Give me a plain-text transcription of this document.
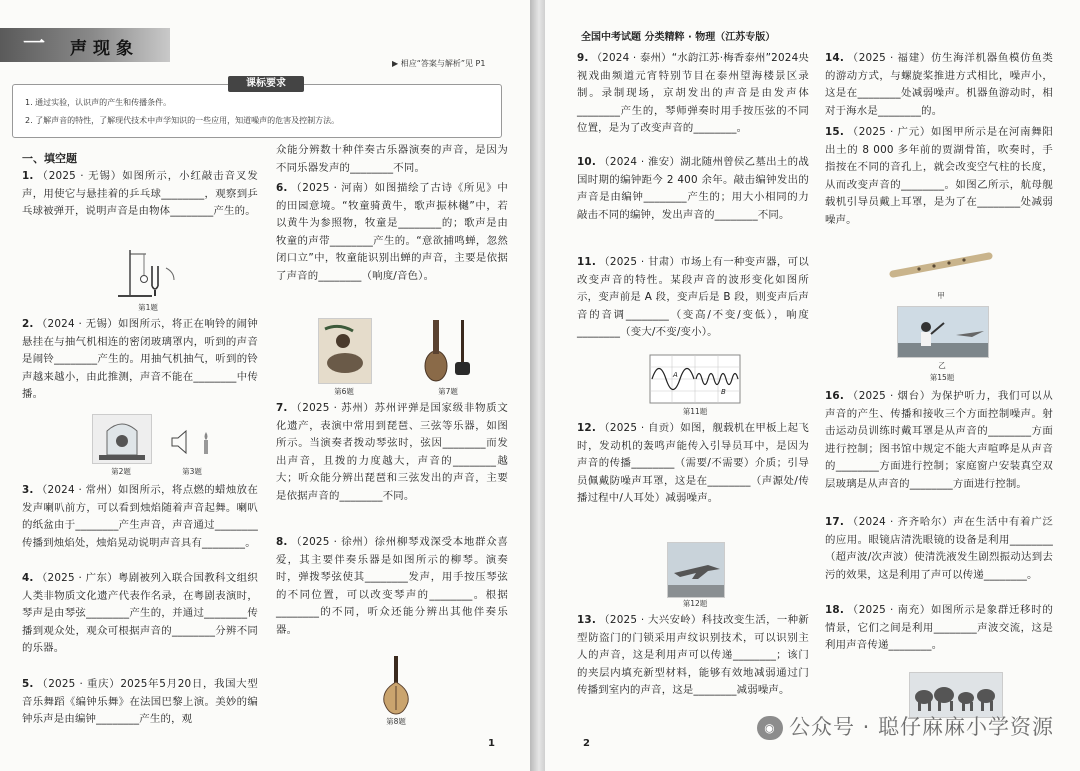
一	声现象
▶ 相应“答案与解析”见 P1
1. 通过实验，认识声的产生和传播条件。
2. 了解声音的特性，了解现代技术中声学知识的一些应用，知道噪声的危害及控制方法。
课标要求
一、填空题
1. （2025 · 无锡）如图所示，小红敲击音叉发声，用使它与悬挂着的乒乓球________，观察到乒乓球被弹开，说明声音是由物体________产生的。
第1题
2. （2024 · 无锡）如图所示，将正在响铃的闹钟悬挂在与抽气机相连的密闭玻璃罩内，听到的声音是闹铃________产生的。用抽气机抽气，听到的铃声越来越小，由此推测，声音不能在________中传播。
第2题	第3题
3. （2024 · 常州）如图所示，将点燃的蜡烛放在发声喇叭前方，可以看到烛焰随着声音起舞。喇叭的纸盆由于________产生声音，声音通过________传播到烛焰处，烛焰晃动说明声音具有________。
4. （2025 · 广东）粤剧被列入联合国教科文组织人类非物质文化遗产代表作名录，在粤剧表演时，琴声是由琴弦________产生的，并通过________传播到观众处，观众可根据声音的________分辨不同的乐器。
5. （2025 · 重庆）2025年5月20日，我国大型音乐舞蹈《编钟乐舞》在法国巴黎上演。美妙的编钟乐声是由编钟________产生的，观
众能分辨数十种伴奏古乐器演奏的声音，是因为不同乐器发声的________不同。
6. （2025 · 河南）如图描绘了古诗《所见》中的田园意境。“牧童骑黄牛，歌声振林樾”中，若以黄牛为参照物，牧童是________的；歌声是由牧童的声带________产生的。“意欲捕鸣蝉，忽然闭口立”中，牧童能识别出蝉的声音，主要是依据了声音的________（响度/音色）。
第6题	第7题
7. （2025 · 苏州）苏州评弹是国家级非物质文化遗产，表演中常用到琵琶、三弦等乐器，如图所示。当演奏者拨动琴弦时，弦因________而发出声音，且拨的力度越大，声音的________越大；听众能分辨出琵琶和三弦发出的声音，主要是依据声音的________不同。
8. （2025 · 徐州）徐州柳琴戏深受本地群众喜爱，其主要伴奏乐器是如图所示的柳琴。演奏时，弹拨琴弦使其________发声，用手按压琴弦的不同位置，可以改变琴声的________。根据________的不同，听众还能分辨出其他伴奏乐器。
第8题
1
全国中考试题 分类精粹 · 物理（江苏专版）
9. （2024 · 泰州）“水韵江苏·梅香泰州”2024央视戏曲频道元宵特别节目在泰州望海楼景区录制。录制现场，京胡发出的声音是由发声体________产生的，琴师弹奏时用手按压弦的不同位置，是为了改变声音的________。
10. （2024 · 淮安）湖北随州曾侯乙墓出土的战国时期的编钟距今 2 400 余年。敲击编钟发出的声音是由编钟________产生的；用大小相同的力敲击不同的编钟，发出声音的________不同。
11. （2025 · 甘肃）市场上有一种变声器，可以改变声音的特性。某段声音的波形变化如图所示，变声前是 A 段，变声后是 B 段，则变声后声音的音调________（变高/不变/变低），响度________（变大/不变/变小）。
A
B
第11题
12. （2025 · 自贡）如图，舰载机在甲板上起飞时，发动机的轰鸣声能传入引导员耳中，是因为声音的传播________（需要/不需要）介质；引导员佩戴防噪声耳罩，这是在________（声源处/传播过程中/人耳处）减弱噪声。
第12题
13. （2025 · 大兴安岭）科技改变生活，一种新型防盗门的门锁采用声纹识别技术，可以识别主人的声音，这是利用声可以传递________；该门的夹层内填充新型材料，能够有效地减弱通过门传播到室内的声音，这是________减弱噪声。
14. （2025 · 福建）仿生海洋机器鱼模仿鱼类的游动方式，与螺旋桨推进方式相比，噪声小，这是在________处减弱噪声。机器鱼游动时，相对于海水是________的。
15. （2025 · 广元）如图甲所示是在河南舞阳出土的 8 000 多年前的贾湖骨笛，吹奏时，手指按在不同的音孔上，就会改变空气柱的长度，从而改变声音的________。如图乙所示，航母舰载机引导员戴上耳罩，是为了在________处减弱噪声。
甲
乙
第15题
16. （2025 · 烟台）为保护听力，我们可以从声音的产生、传播和接收三个方面控制噪声。射击运动员训练时戴耳罩是从声音的________方面进行控制；图书馆中规定不能大声喧哗是从声音的________方面进行控制；家庭窗户安装真空双层玻璃是从声音的________方面进行控制。
17. （2024 · 齐齐哈尔）声在生活中有着广泛的应用。眼镜店清洗眼镜的设备是利用________（超声波/次声波）使清洗液发生剧烈振动达到去污的效果，这是利用了声可以传递________。
18. （2025 · 南充）如图所示是象群迁移时的情景，它们之间是利用________声波交流，这是利用声音传递________。
2
◉ 公众号 · 聪仔麻麻小学资源
